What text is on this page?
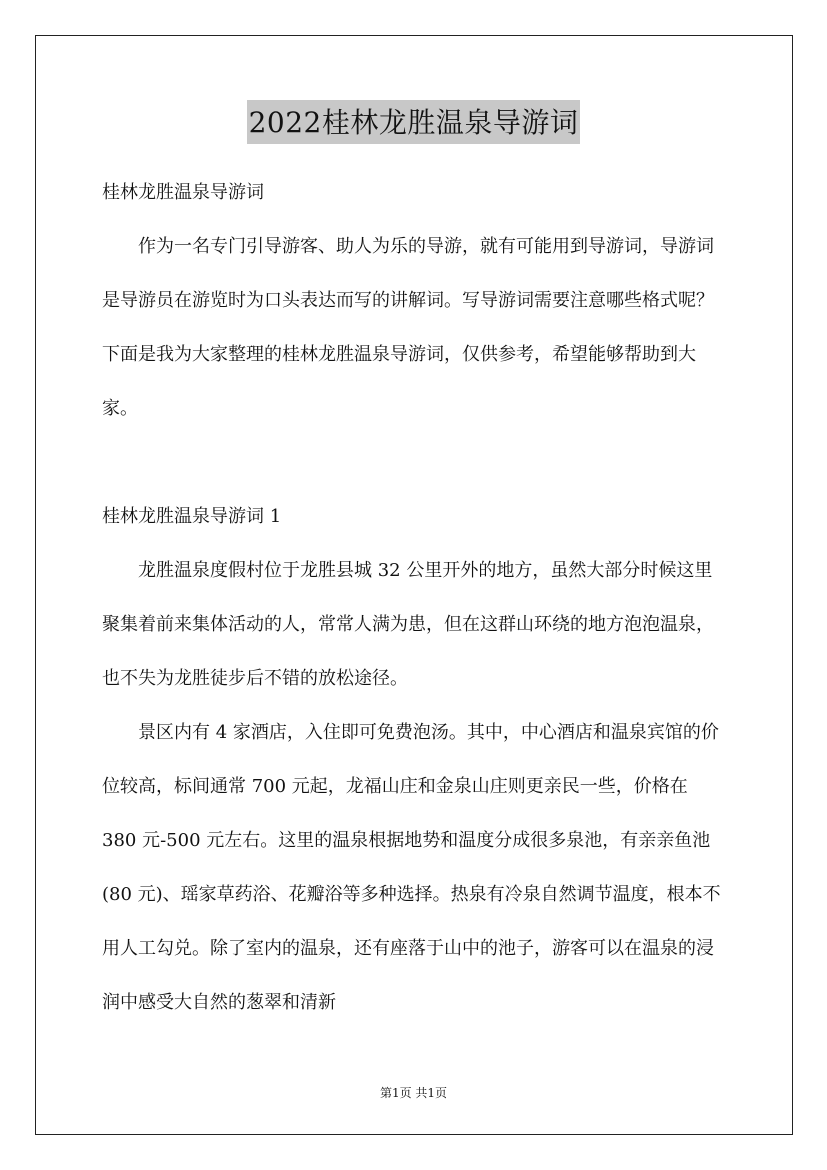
2022桂林龙胜温泉导游词

桂林龙胜温泉导游词

作为一名专门引导游客、助人为乐的导游，就有可能用到导游词，导游词是导游员在游览时为口头表达而写的讲解词。写导游词需要注意哪些格式呢？下面是我为大家整理的桂林龙胜温泉导游词，仅供参考，希望能够帮助到大家。

桂林龙胜温泉导游词 1

龙胜温泉度假村位于龙胜县城 32 公里开外的地方，虽然大部分时候这里聚集着前来集体活动的人，常常人满为患，但在这群山环绕的地方泡泡温泉，也不失为龙胜徒步后不错的放松途径。

景区内有 4 家酒店，入住即可免费泡汤。其中，中心酒店和温泉宾馆的价位较高，标间通常 700 元起，龙福山庄和金泉山庄则更亲民一些，价格在 380 元-500 元左右。这里的温泉根据地势和温度分成很多泉池，有亲亲鱼池(80 元)、瑶家草药浴、花瓣浴等多种选择。热泉有冷泉自然调节温度，根本不用人工勾兑。除了室内的温泉，还有座落于山中的池子，游客可以在温泉的浸润中感受大自然的葱翠和清新

第1页 共1页
